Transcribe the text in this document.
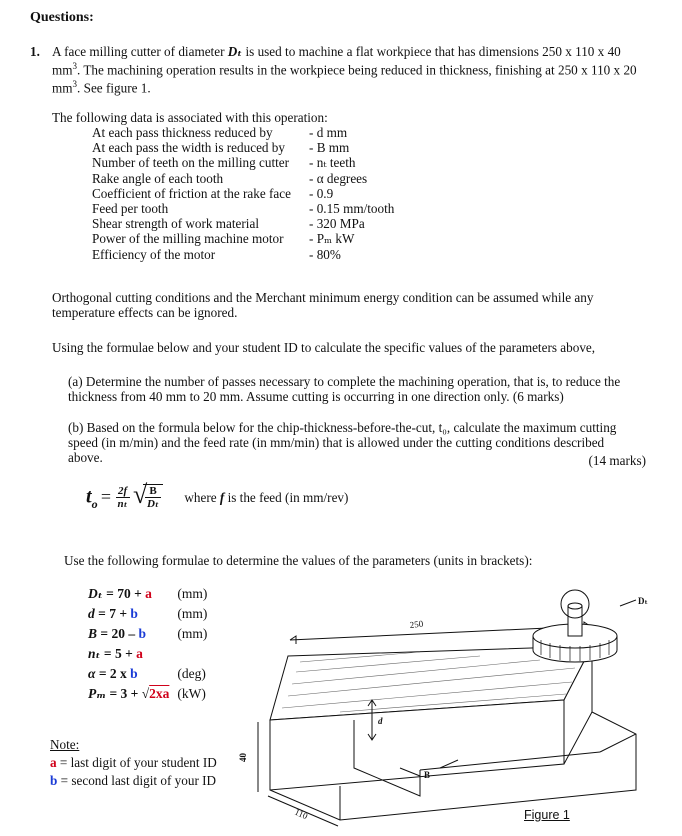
Questions:
1. A face milling cutter of diameter Dₜ is used to machine a flat workpiece that has dimensions 250 x 110 x 40 $mm^3$. The machining operation results in the workpiece being reduced in thickness, finishing at 250 x 110 x 20 $mm^3$. See figure 1.
The following data is associated with this operation:
At each pass thickness reduced by	- d mm
At each pass the width is reduced by	- B mm
Number of teeth on the milling cutter	- nₜ teeth
Rake angle of each tooth	- α degrees
Coefficient of friction at the rake face	- 0.9
Feed per tooth	- 0.15 mm/tooth
Shear strength of work material	- 320 MPa
Power of the milling machine motor	- Pₘ kW
Efficiency of the motor	- 80%
Orthogonal cutting conditions and the Merchant minimum energy condition can be assumed while any temperature effects can be ignored.
Using the formulae below and your student ID to calculate the specific values of the parameters above,
(a) Determine the number of passes necessary to complete the machining operation, that is, to reduce the thickness from 40 mm to 20 mm. Assume cutting is occurring in one direction only. (6 marks)
(b) Based on the formula below for the chip-thickness-before-the-cut, t₀, calculate the maximum cutting speed (in m/min) and the feed rate (in mm/min) that is allowed under the cutting conditions described above.	(14 marks)
to = $\frac{2f}{\text{nₜ}}$
√
$\frac{B}{\text{Dₜ}}$ where f is the feed (in mm/rev)
Use the following formulae to determine the values of the parameters (units in brackets):
Dₜ = 70 + a	(mm)
d = 7 + b	(mm)
B = 20 – b	(mm)
nₜ = 5 + a	
α = 2 x b	(deg)
Pₘ = 3 + √2xa	(kW)
Note:
a = last digit of your student ID
b = second last digit of your ID
250
40
110
d
B
Dₜ
Figure 1
